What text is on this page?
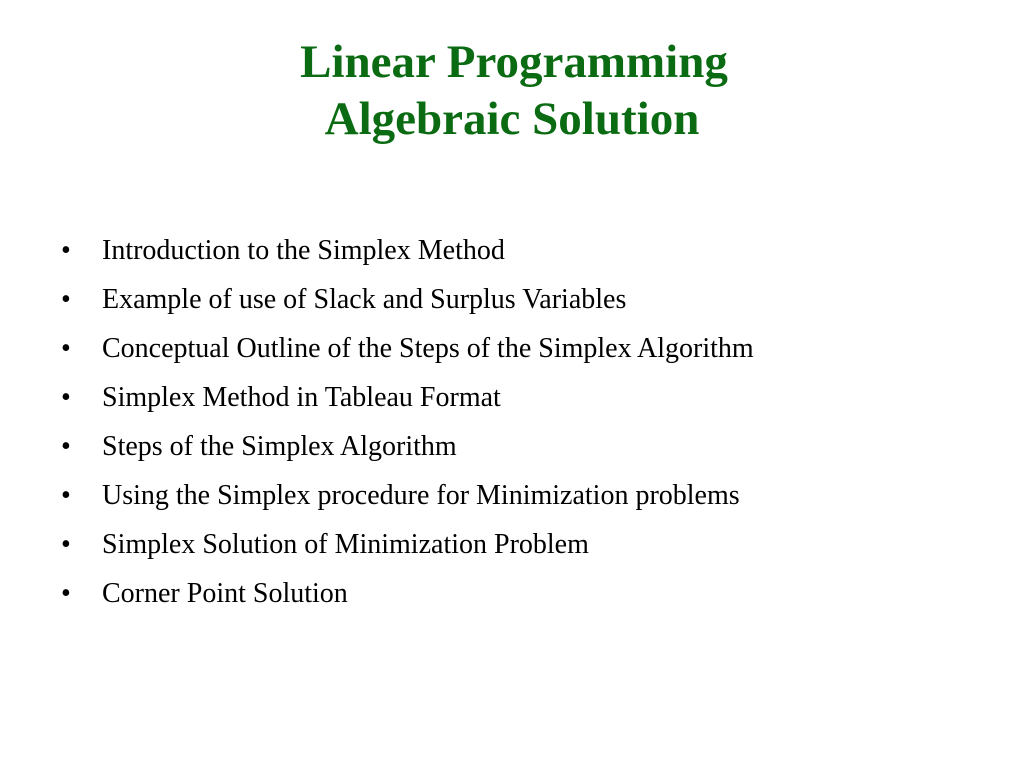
Linear Programming
Algebraic Solution
• Introduction to the Simplex Method
• Example of use of Slack and Surplus Variables
• Conceptual Outline of the Steps of the Simplex Algorithm
• Simplex Method in Tableau Format
• Steps of the Simplex Algorithm
• Using the Simplex procedure for Minimization problems
• Simplex Solution of Minimization Problem
• Corner Point Solution
